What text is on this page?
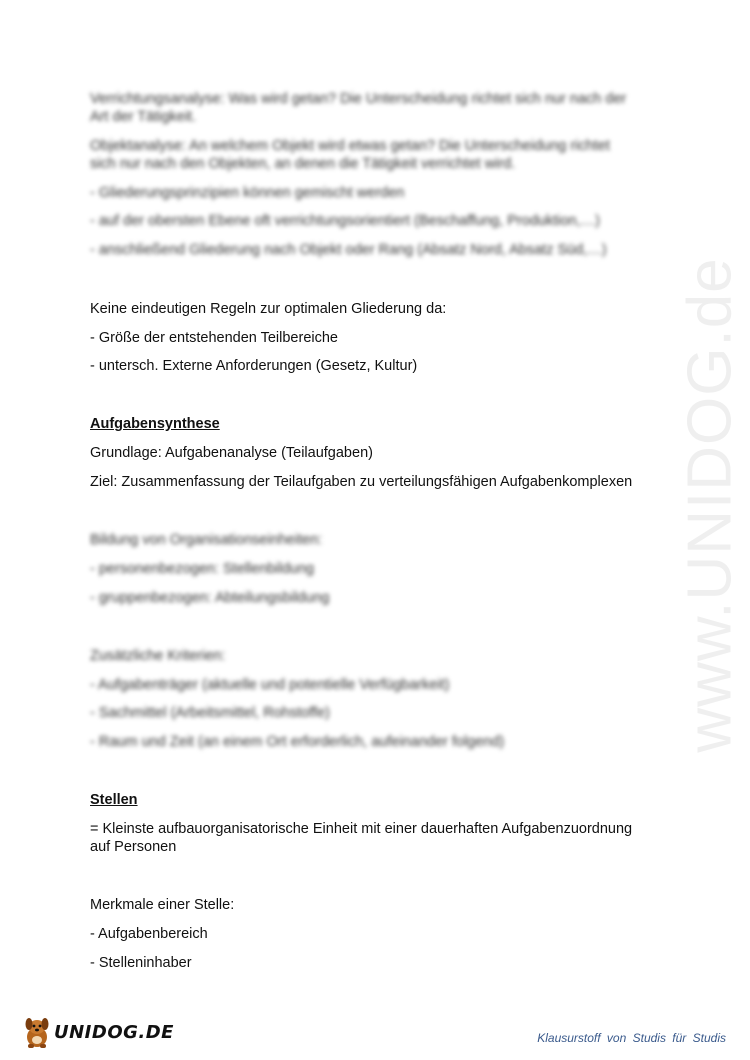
www.UNIDOG.de
Verrichtungsanalyse: Was wird getan? Die Unterscheidung richtet sich nur nach der
Art der Tätigkeit.
Objektanalyse: An welchem Objekt wird etwas getan? Die Unterscheidung richtet
sich nur nach den Objekten, an denen die Tätigkeit verrichtet wird.
- Gliederungsprinzipien können gemischt werden
- auf der obersten Ebene oft verrichtungsorientiert (Beschaffung, Produktion,…)
- anschließend Gliederung nach Objekt oder Rang (Absatz Nord, Absatz Süd,…)
Keine eindeutigen Regeln zur optimalen Gliederung da:
- Größe der entstehenden Teilbereiche
- untersch. Externe Anforderungen (Gesetz, Kultur)
Aufgabensynthese
Grundlage: Aufgabenanalyse (Teilaufgaben)
Ziel: Zusammenfassung der Teilaufgaben zu verteilungsfähigen Aufgabenkomplexen
Bildung von Organisationseinheiten:
- personenbezogen: Stellenbildung
- gruppenbezogen: Abteilungsbildung
Zusätzliche Kriterien:
- Aufgabenträger (aktuelle und potentielle Verfügbarkeit)
- Sachmittel (Arbeitsmittel, Rohstoffe)
- Raum und Zeit (an einem Ort erforderlich, aufeinander folgend)
Stellen
= Kleinste aufbauorganisatorische Einheit mit einer dauerhaften Aufgabenzuordnung
auf Personen
Merkmale einer Stelle:
- Aufgabenbereich
- Stelleninhaber
UNIDOG.DE	Klausurstoff von Studis für Studis
